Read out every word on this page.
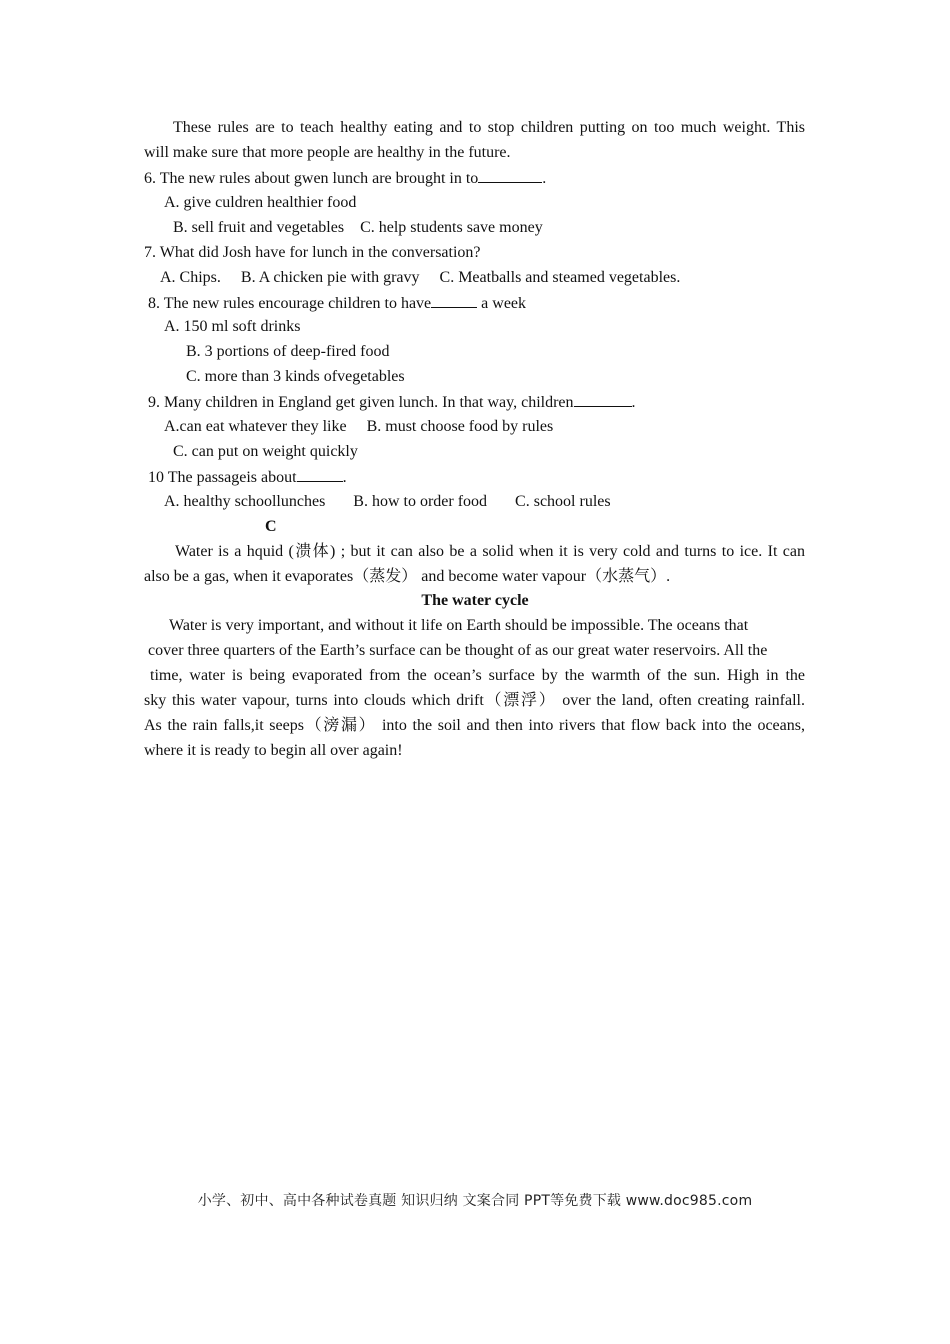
These rules are to teach healthy eating and to stop children putting on too much weight. This
will make sure that more people are healthy in the future.
6. The new rules about gwen lunch are brought in to	.
A. give culdren healthier food
B. sell fruit and vegetables    C. help students save money
7. What did Josh have for lunch in the conversation?
A. Chips.     B. A chicken pie with gravy     C. Meatballs and steamed vegetables.
8. The new rules encourage children to have	a week
A. 150 ml soft drinks
B. 3 portions of deep-fired food
C. more than 3 kinds ofvegetables
9. Many children in England get given lunch. In that way, children	.
A.can eat whatever they like     B. must choose food by rules
C. can put on weight quickly
10 The passageis about	.
A. healthy schoollunches       B. how to order food       C. school rules
C
Water is a hquid (溃体) ; but it can also be a solid when it is very cold and turns to ice. It can
also be a gas, when it evaporates（蒸发） and become water vapour（水蒸气）.
The water cycle
Water is very important, and without it life on Earth should be impossible. The oceans that
cover three quarters of the Earth’s surface can be thought of as our great water reservoirs. All the
time, water is being evaporated from the ocean’s surface by the warmth of the sun. High in the
sky this water vapour, turns into clouds which drift（漂浮） over the land, often creating rainfall.
As the rain falls,it seeps（滂漏） into the soil and then into rivers that flow back into the oceans,
where it is ready to begin all over again!
小学、初中、高中各种试卷真题 知识归纳 文案合同 PPT等免费下载 www.doc985.com
